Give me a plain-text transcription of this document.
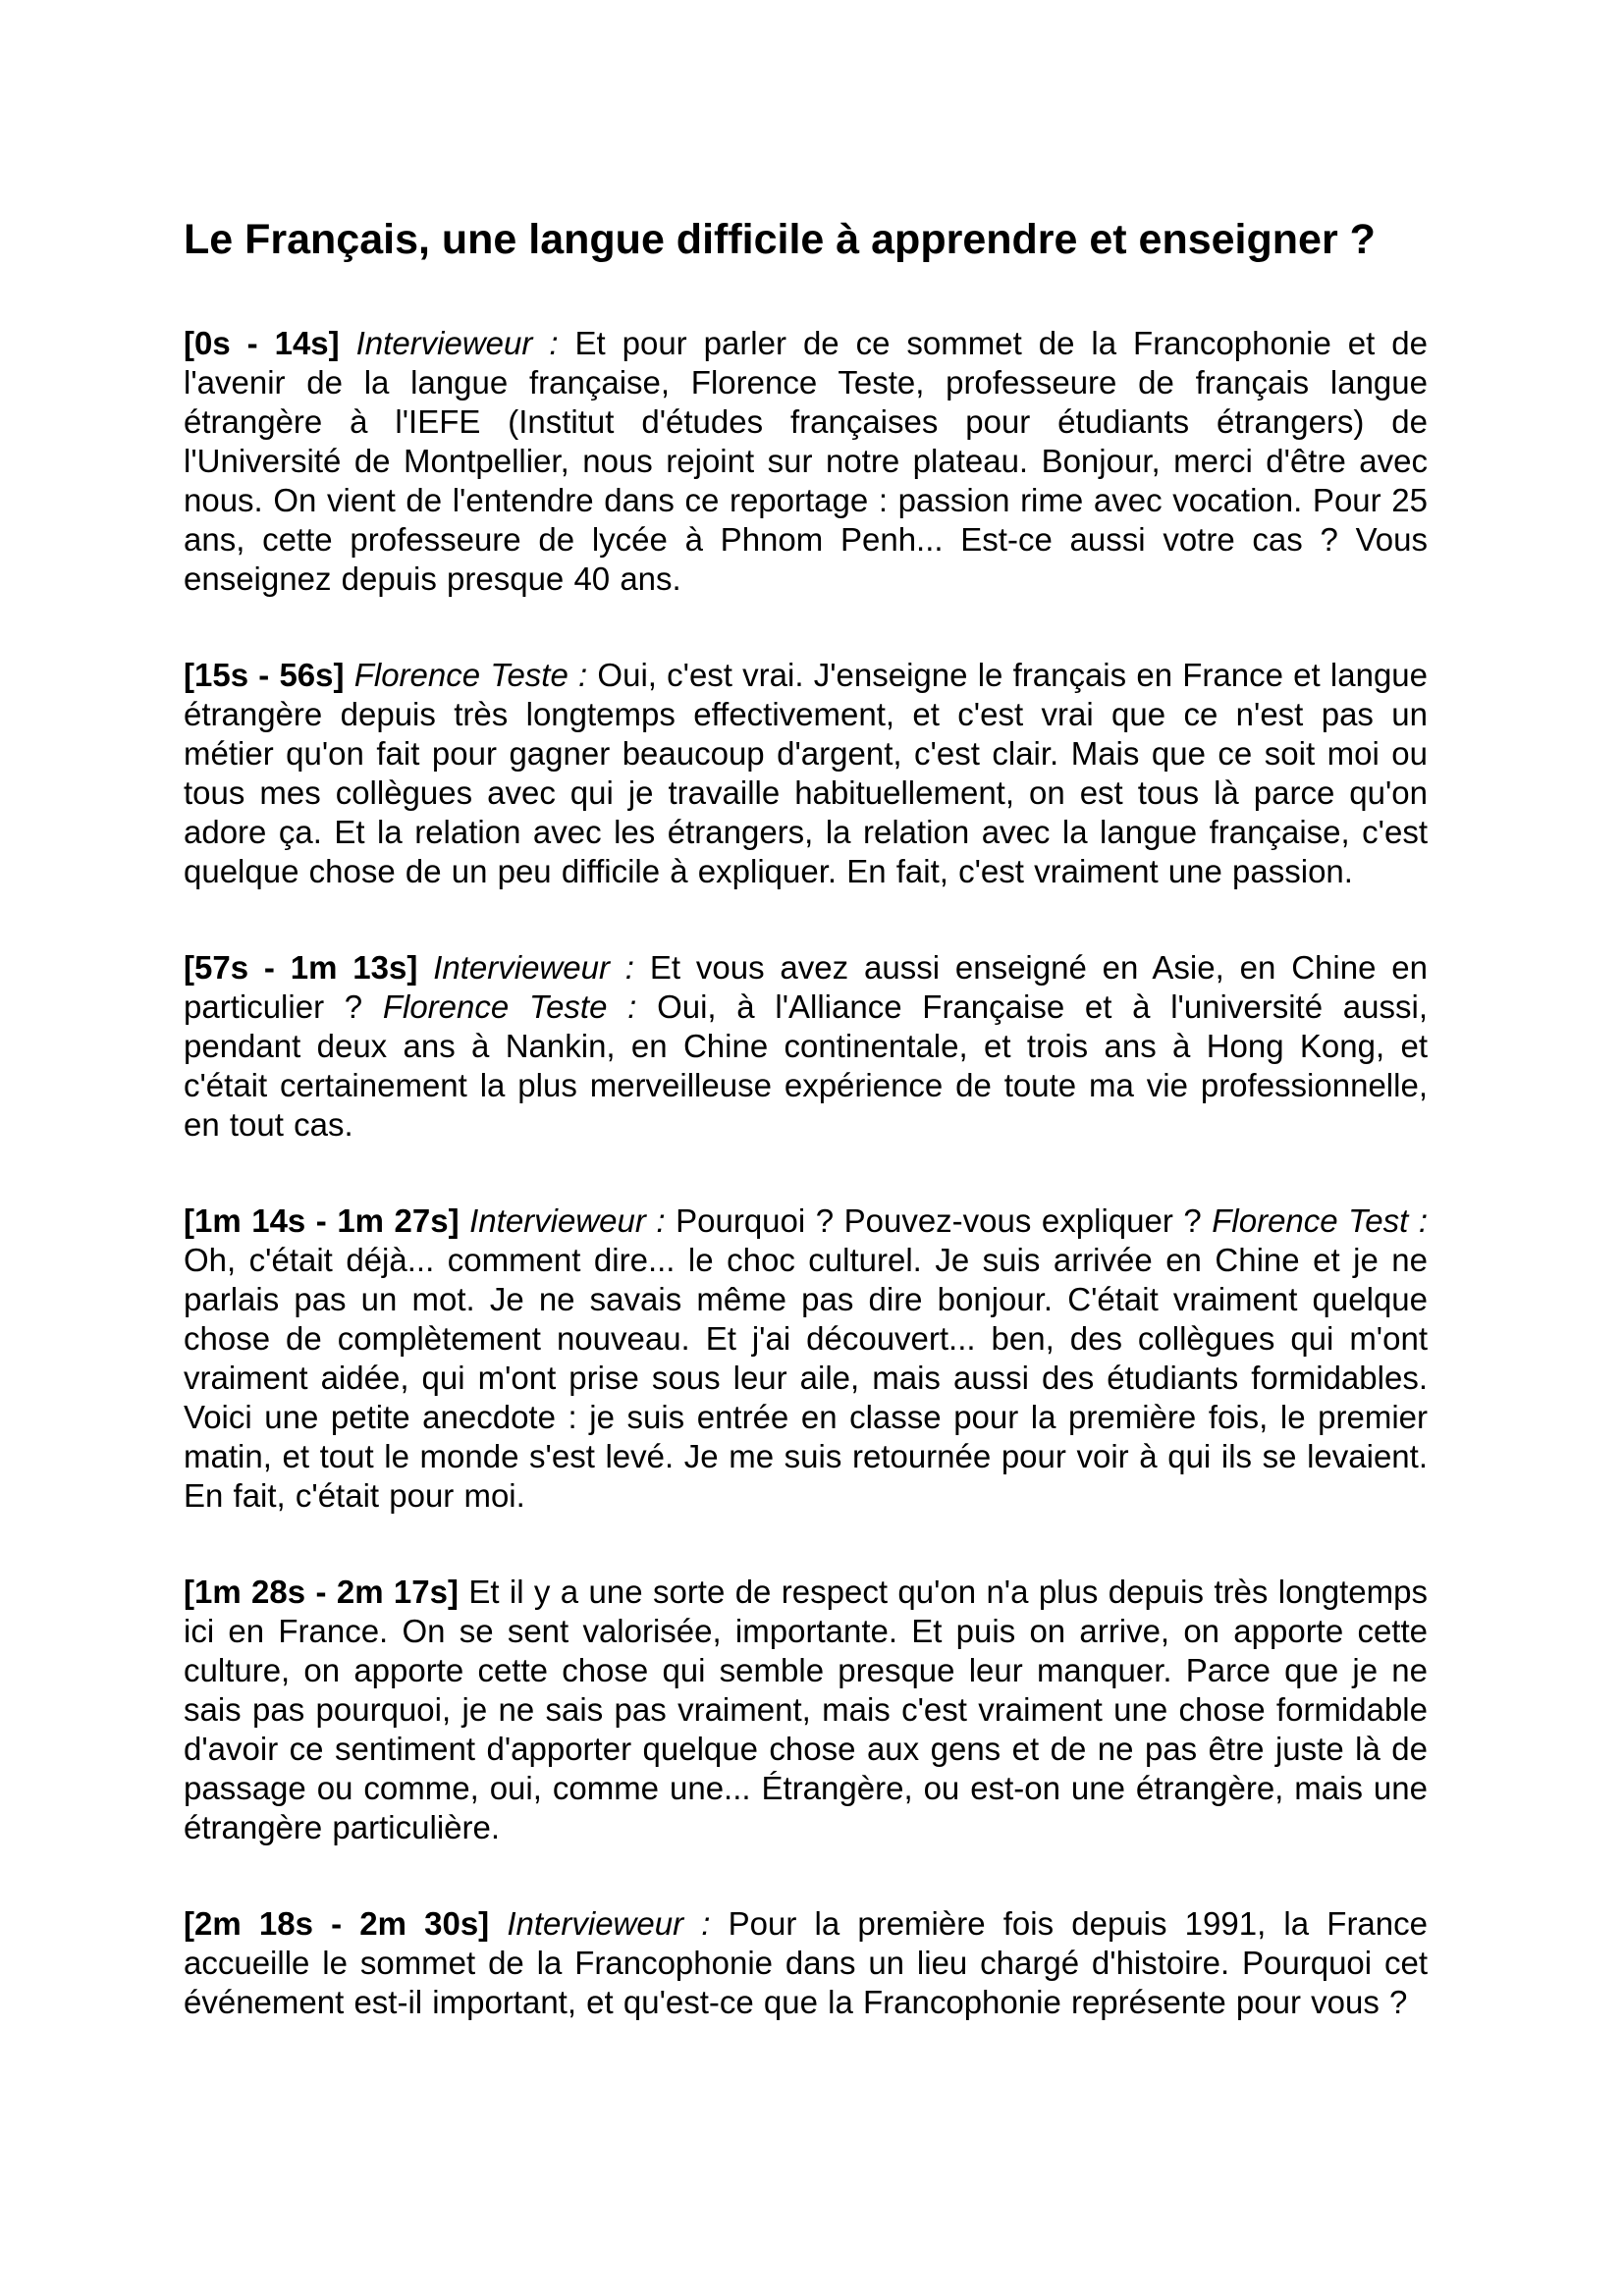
Le Français, une langue difficile à apprendre et enseigner ?

[0s - 14s] Intervieweur : Et pour parler de ce sommet de la Francophonie et de l'avenir de la langue française, Florence Teste, professeure de français langue étrangère à l'IEFE (Institut d'études françaises pour étudiants étrangers) de l'Université de Montpellier, nous rejoint sur notre plateau. Bonjour, merci d'être avec nous. On vient de l'entendre dans ce reportage : passion rime avec vocation. Pour 25 ans, cette professeure de lycée à Phnom Penh... Est-ce aussi votre cas ? Vous enseignez depuis presque 40 ans.

[15s - 56s] Florence Teste : Oui, c'est vrai. J'enseigne le français en France et langue étrangère depuis très longtemps effectivement, et c'est vrai que ce n'est pas un métier qu'on fait pour gagner beaucoup d'argent, c'est clair. Mais que ce soit moi ou tous mes collègues avec qui je travaille habituellement, on est tous là parce qu'on adore ça. Et la relation avec les étrangers, la relation avec la langue française, c'est quelque chose de un peu difficile à expliquer. En fait, c'est vraiment une passion.

[57s - 1m 13s] Intervieweur : Et vous avez aussi enseigné en Asie, en Chine en particulier ? Florence Teste : Oui, à l'Alliance Française et à l'université aussi, pendant deux ans à Nankin, en Chine continentale, et trois ans à Hong Kong, et c'était certainement la plus merveilleuse expérience de toute ma vie professionnelle, en tout cas.

[1m 14s - 1m 27s] Intervieweur : Pourquoi ? Pouvez-vous expliquer ? Florence Test : Oh, c'était déjà... comment dire... le choc culturel. Je suis arrivée en Chine et je ne parlais pas un mot. Je ne savais même pas dire bonjour. C'était vraiment quelque chose de complètement nouveau. Et j'ai découvert... ben, des collègues qui m'ont vraiment aidée, qui m'ont prise sous leur aile, mais aussi des étudiants formidables. Voici une petite anecdote : je suis entrée en classe pour la première fois, le premier matin, et tout le monde s'est levé. Je me suis retournée pour voir à qui ils se levaient. En fait, c'était pour moi.

[1m 28s - 2m 17s] Et il y a une sorte de respect qu'on n'a plus depuis très longtemps ici en France. On se sent valorisée, importante. Et puis on arrive, on apporte cette culture, on apporte cette chose qui semble presque leur manquer. Parce que je ne sais pas pourquoi, je ne sais pas vraiment, mais c'est vraiment une chose formidable d'avoir ce sentiment d'apporter quelque chose aux gens et de ne pas être juste là de passage ou comme, oui, comme une... Étrangère, ou est-on une étrangère, mais une étrangère particulière.

[2m 18s - 2m 30s] Intervieweur : Pour la première fois depuis 1991, la France accueille le sommet de la Francophonie dans un lieu chargé d'histoire. Pourquoi cet événement est-il important, et qu'est-ce que la Francophonie représente pour vous ?
